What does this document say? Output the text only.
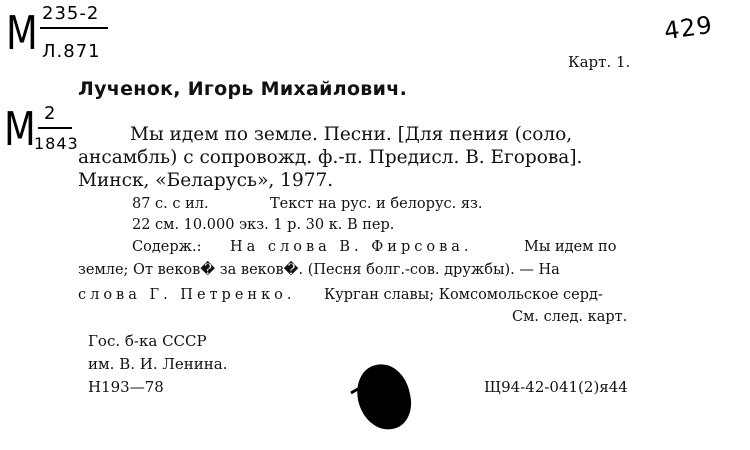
М 235-2
Л.871
429
Карт. 1.
Лученок, Игорь Михайлович.
М 2
1843	Мы идем по земле. Песни. [Для пения (соло,
ансамбль) с сопровожд. ф.-п. Предисл. В. Егорова].
Минск, «Беларусь», 1977.
87 с. с ил.	Текст на рус. и белорус. яз.
22 см. 10.000 экз. 1 р. 30 к. В пер.
Содерж.: На слова В. Фирсова.	Мы идем по
земле; От веков� за веков�. (Песня болг.-сов. дружбы). — На
слова Г. Петренко. Курган славы; Комсомольское серд-
См. след. карт.
Гос. б-ка СССР
им. В. И. Ленина.
Н193—78	Щ94-42-041(2)я44
